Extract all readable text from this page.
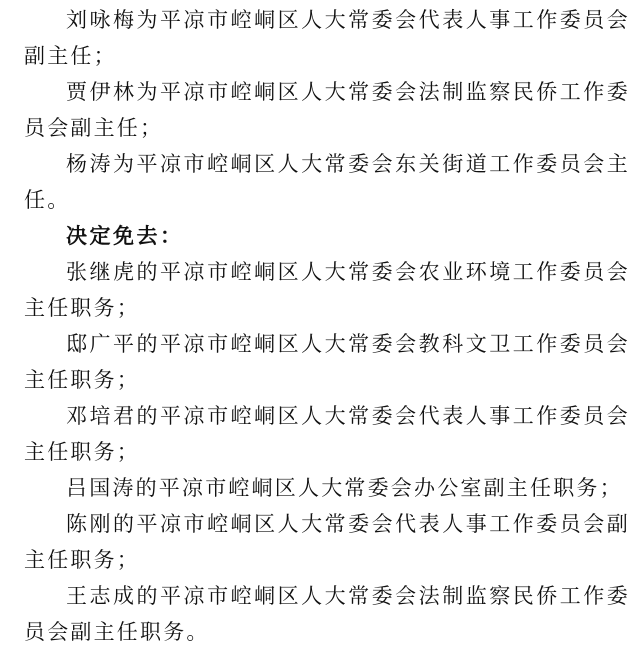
刘咏梅为平凉市崆峒区人大常委会代表人事工作委员会副主任；

贾伊林为平凉市崆峒区人大常委会法制监察民侨工作委员会副主任；

杨涛为平凉市崆峒区人大常委会东关街道工作委员会主任。

决定免去：

张继虎的平凉市崆峒区人大常委会农业环境工作委员会主任职务；

邸广平的平凉市崆峒区人大常委会教科文卫工作委员会主任职务；

邓培君的平凉市崆峒区人大常委会代表人事工作委员会主任职务；

吕国涛的平凉市崆峒区人大常委会办公室副主任职务；

陈刚的平凉市崆峒区人大常委会代表人事工作委员会副主任职务；

王志成的平凉市崆峒区人大常委会法制监察民侨工作委员会副主任职务。
